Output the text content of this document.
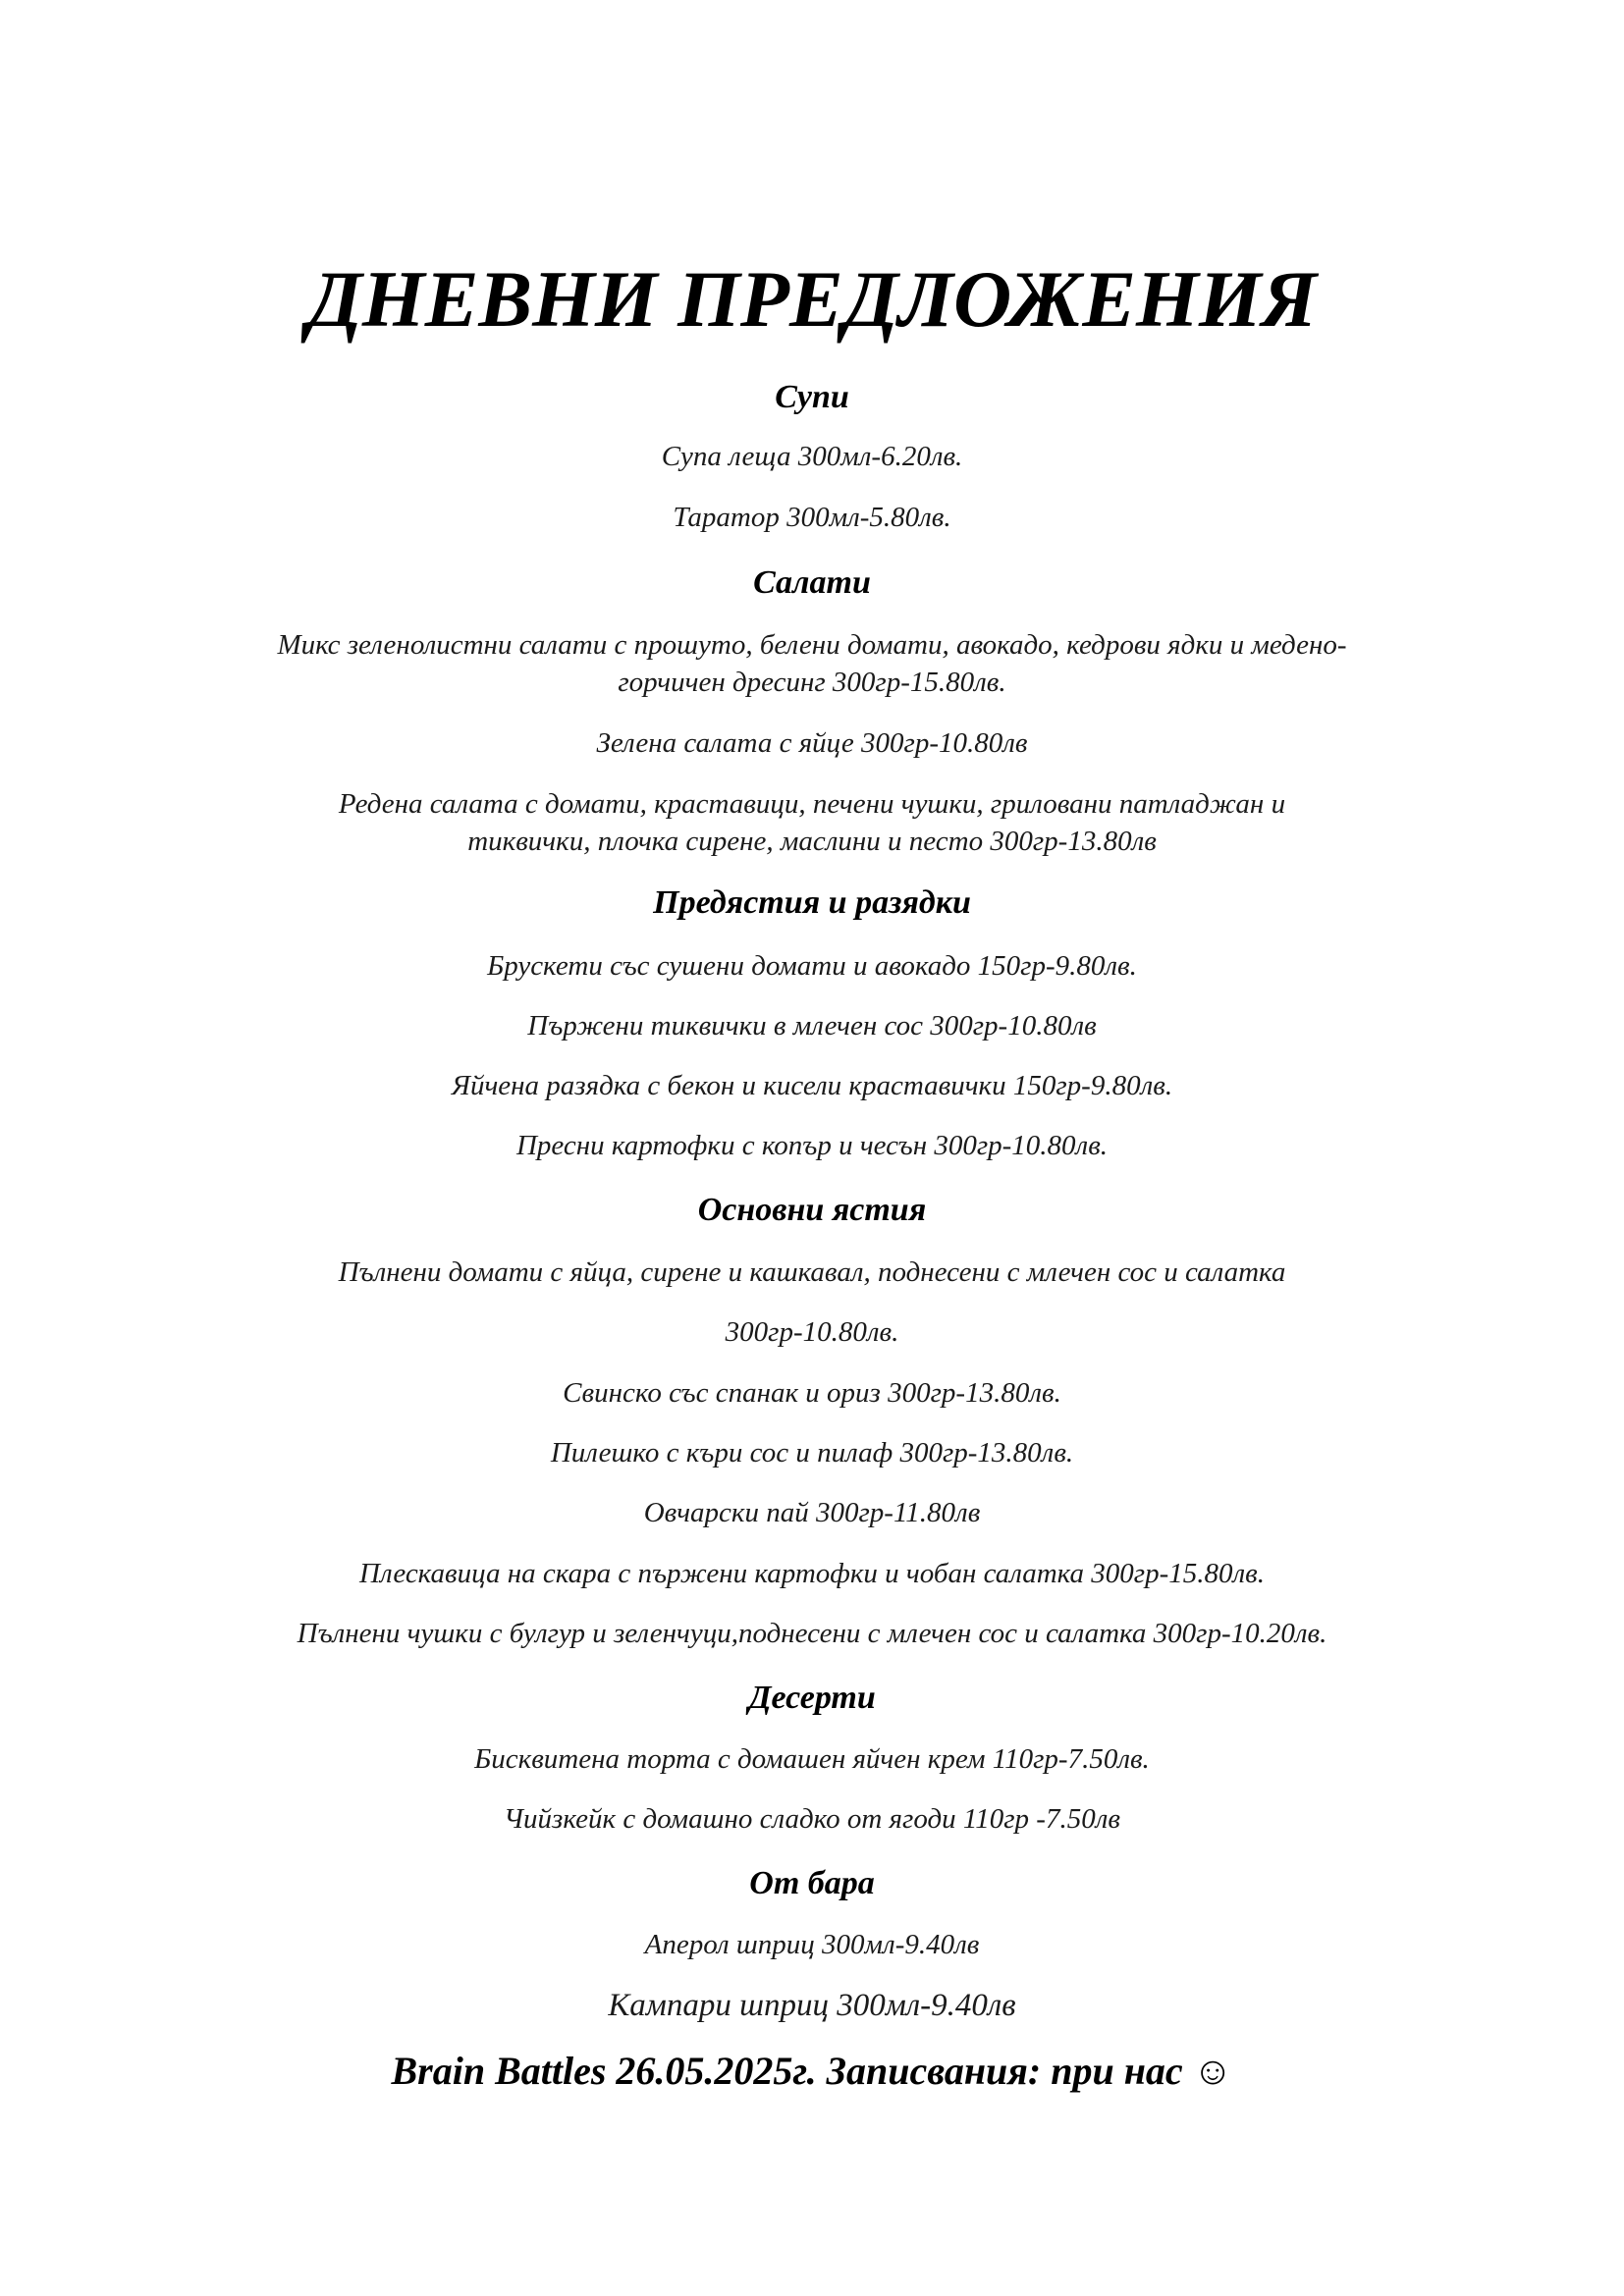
ДНЕВНИ ПРЕДЛОЖЕНИЯ
Супи
Супа леща 300мл-6.20лв.
Таратор 300мл-5.80лв.
Салати
Микс зеленолистни салати с прошуто, белени домати, авокадо, кедрови ядки и медено-
горчичен дресинг 300гр-15.80лв.
Зелена салата с яйце 300гр-10.80лв
Редена салата с домати, краставици, печени чушки, гриловани патладжан и
тиквички, плочка сирене, маслини и песто 300гр-13.80лв
Предястия и разядки
Брускети със сушени домати и авокадо 150гр-9.80лв.
Пържени тиквички в млечен сос 300гр-10.80лв
Яйчена разядка с бекон и кисели краставички 150гр-9.80лв.
Пресни картофки с копър и чесън 300гр-10.80лв.
Основни ястия
Пълнени домати с яйца, сирене и кашкавал, поднесени с млечен сос и салатка
300гр-10.80лв.
Свинско със спанак и ориз 300гр-13.80лв.
Пилешко с къри сос и пилаф 300гр-13.80лв.
Овчарски пай 300гр-11.80лв
Плескавица на скара с пържени картофки и чобан салатка 300гр-15.80лв.
Пълнени чушки с булгур и зеленчуци,поднесени с млечен сос и салатка 300гр-10.20лв.
Десерти
Бисквитена торта с домашен яйчен крем 110гр-7.50лв.
Чийзкейк с домашно сладко от ягоди 110гр -7.50лв
От бара
Аперол шприц 300мл-9.40лв
Кампари шприц 300мл-9.40лв
Brain Battles 26.05.2025г. Записвания: при нас ☺
